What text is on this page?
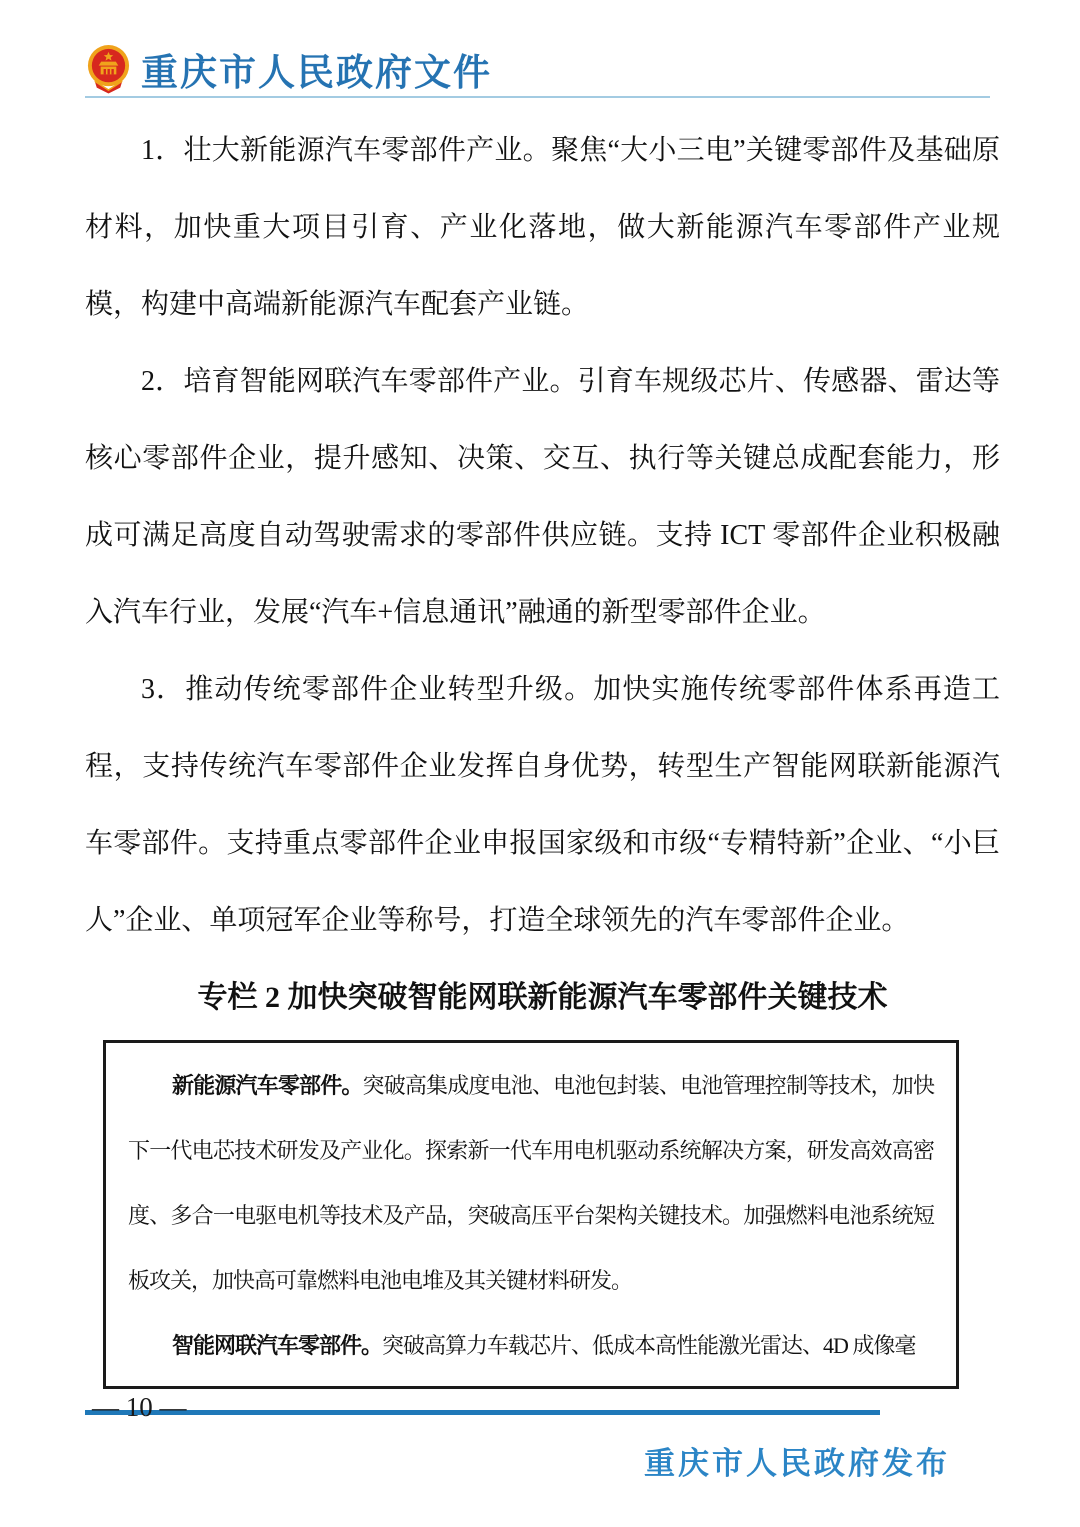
重庆市人民政府文件

1．壮大新能源汽车零部件产业。聚焦“大小三电”关键零部件及基础原材料，加快重大项目引育、产业化落地，做大新能源汽车零部件产业规模，构建中高端新能源汽车配套产业链。

2．培育智能网联汽车零部件产业。引育车规级芯片、传感器、雷达等核心零部件企业，提升感知、决策、交互、执行等关键总成配套能力，形成可满足高度自动驾驶需求的零部件供应链。支持 ICT 零部件企业积极融入汽车行业，发展“汽车+信息通讯”融通的新型零部件企业。

3．推动传统零部件企业转型升级。加快实施传统零部件体系再造工程，支持传统汽车零部件企业发挥自身优势，转型生产智能网联新能源汽车零部件。支持重点零部件企业申报国家级和市级“专精特新”企业、“小巨人”企业、单项冠军企业等称号，打造全球领先的汽车零部件企业。

专栏 2 加快突破智能网联新能源汽车零部件关键技术

新能源汽车零部件。突破高集成度电池、电池包封装、电池管理控制等技术，加快下一代电芯技术研发及产业化。探索新一代车用电机驱动系统解决方案，研发高效高密度、多合一电驱电机等技术及产品，突破高压平台架构关键技术。加强燃料电池系统短板攻关，加快高可靠燃料电池电堆及其关键材料研发。

智能网联汽车零部件。突破高算力车载芯片、低成本高性能激光雷达、4D 成像毫

— 10 —
重庆市人民政府发布
